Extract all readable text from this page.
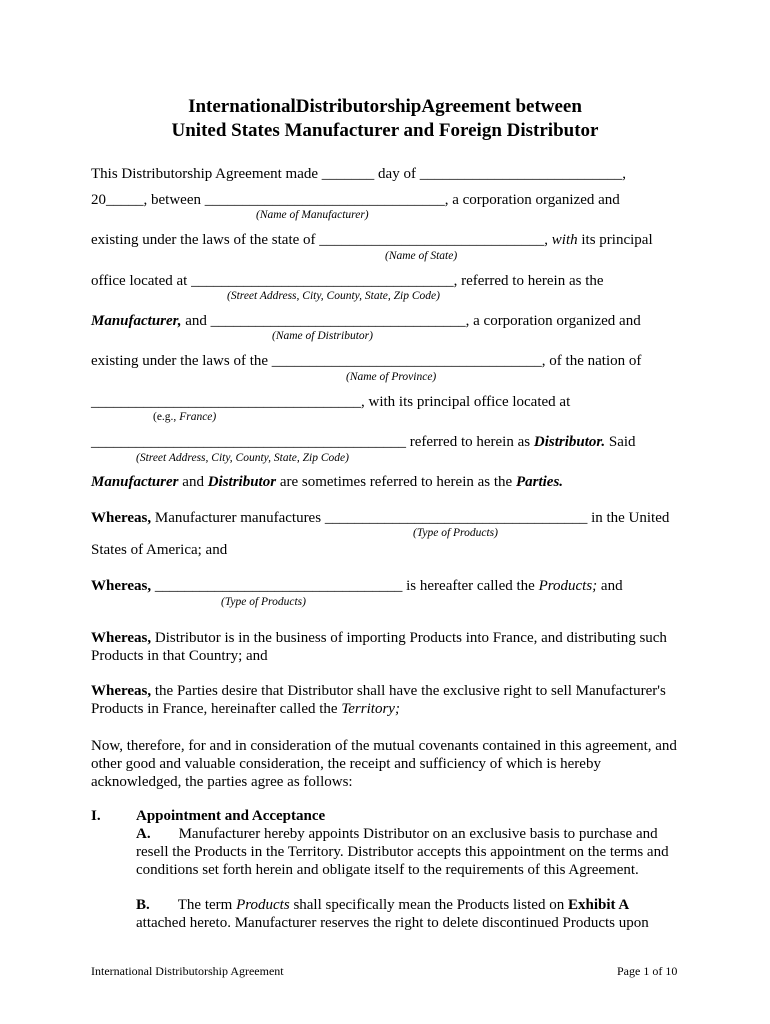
InternationalDistributorshipAgreement between
United States Manufacturer and Foreign Distributor
This Distributorship Agreement made _______ day of ___________________________,
20_____, between ________________________________, a corporation organized and
(Name of Manufacturer)
existing under the laws of the state of ______________________________, with its principal
(Name of State)
office located at ___________________________________, referred to herein as the
(Street Address, City, County, State, Zip Code)
Manufacturer, and __________________________________, a corporation organized and
(Name of Distributor)
existing under the laws of the ____________________________________, of the nation of
(Name of Province)
____________________________________, with its principal office located at
(e.g., France)
__________________________________________ referred to herein as Distributor. Said
(Street Address, City, County, State, Zip Code)
Manufacturer and Distributor are sometimes referred to herein as the Parties.
Whereas, Manufacturer manufactures ___________________________________ in the United
(Type of Products)
States of America; and
Whereas, _________________________________ is hereafter called the Products; and
(Type of Products)
Whereas, Distributor is in the business of importing Products into France, and distributing such Products in that Country; and
Whereas, the Parties desire that Distributor shall have the exclusive right to sell Manufacturer's Products in France, hereinafter called the Territory;
Now, therefore, for and in consideration of the mutual covenants contained in this agreement, and other good and valuable consideration, the receipt and sufficiency of which is hereby acknowledged, the parties agree as follows:
I. Appointment and Acceptance
A. Manufacturer hereby appoints Distributor on an exclusive basis to purchase and resell the Products in the Territory. Distributor accepts this appointment on the terms and conditions set forth herein and obligate itself to the requirements of this Agreement.
B. The term Products shall specifically mean the Products listed on Exhibit A attached hereto. Manufacturer reserves the right to delete discontinued Products upon
International Distributorship Agreement	Page 1 of 10
